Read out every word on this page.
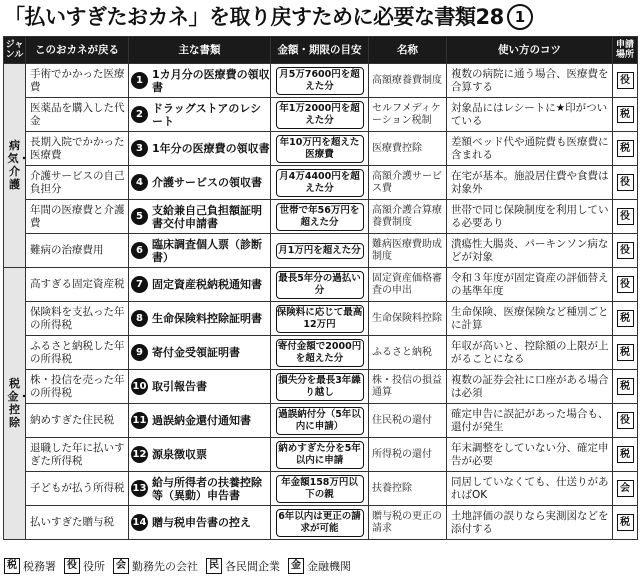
「払いすぎたおカネ」を取り戻すために必要な書類28 1
ジャンル	このおカネが戻る	主な書類	金額・期限の目安	名称	使い方のコツ	申請場所
病気・介護	手術でかかった医療費	1 1カ月分の医療費の領収書	月5万7600円を超えた分	高額療養費制度	複数の病院に通う場合、医療費を合算する	役
	医薬品を購入した代金	2 ドラッグストアのレシート	年1万2000円を超えた分	セルフメディケーション税制	対象品にはレシートに★印がついている	税
	長期入院でかかった医療費	3 1年分の医療費の領収書	年10万円を超えた医療費	医療費控除	差額ベッド代や通院費も医療費に含まれる	税
	介護サービスの自己負担分	4 介護サービスの領収書	月4万4400円を超えた分	高額介護サービス費	在宅が基本。施設居住費や食費は対象外	役
	年間の医療費と介護費	5 支給兼自己負担額証明書交付申請書	世帯で年56万円を超えた分	高額介護合算療養費制度	世帯で同じ保険制度を利用している必要あり	役
	難病の治療費用	6 臨床調査個人票（診断書）	月1万円を超えた分	難病医療費助成制度	潰瘍性大腸炎、パーキンソン病などが対象	役
税金・控除	高すぎる固定資産税	7 固定資産税納税通知書	最長5年分の過払い分	固定資産価格審査の申出	令和３年度が固定資産の評価替えの基準年度	役
	保険料を支払った年の所得税	8 生命保険料控除証明書	保険料に応じて最高12万円	生命保険料控除	生命保険、医療保険など種別ごとに計算	税
	ふるさと納税した年の所得税	9 寄付金受領証明書	寄付金額で2000円を超えた分	ふるさと納税	年収が高いと、控除額の上限が上がることになる	税
	株・投信を売った年の所得税	10 取引報告書	損失分を最長3年繰り越し	株・投信の損益通算	複数の証券会社に口座がある場合は必須	税
	納めすぎた住民税	11 過誤納金還付通知書	過誤納付分（5年以内に申請）	住民税の還付	確定申告に誤記があった場合も、還付が発生	役
	退職した年に払いすぎた所得税	12 源泉徴収票	納めすぎた分を5年以内に申請	所得税の還付	年末調整をしていない分、確定申告が必要	税
	子どもが払う所得税	13 給与所得者の扶養控除等（異動）申告書	年金額158万円以下の親	扶養控除	同居していなくても、仕送りがあればOK	会
	払いすぎた贈与税	14 贈与税申告書の控え	6年以内は更正の請求が可能	贈与税の更正の請求	土地評価の誤りなら実測図などを添付する	税
税 税務署	役 役所	会 勤務先の会社	民 各民間企業	金 金融機関
